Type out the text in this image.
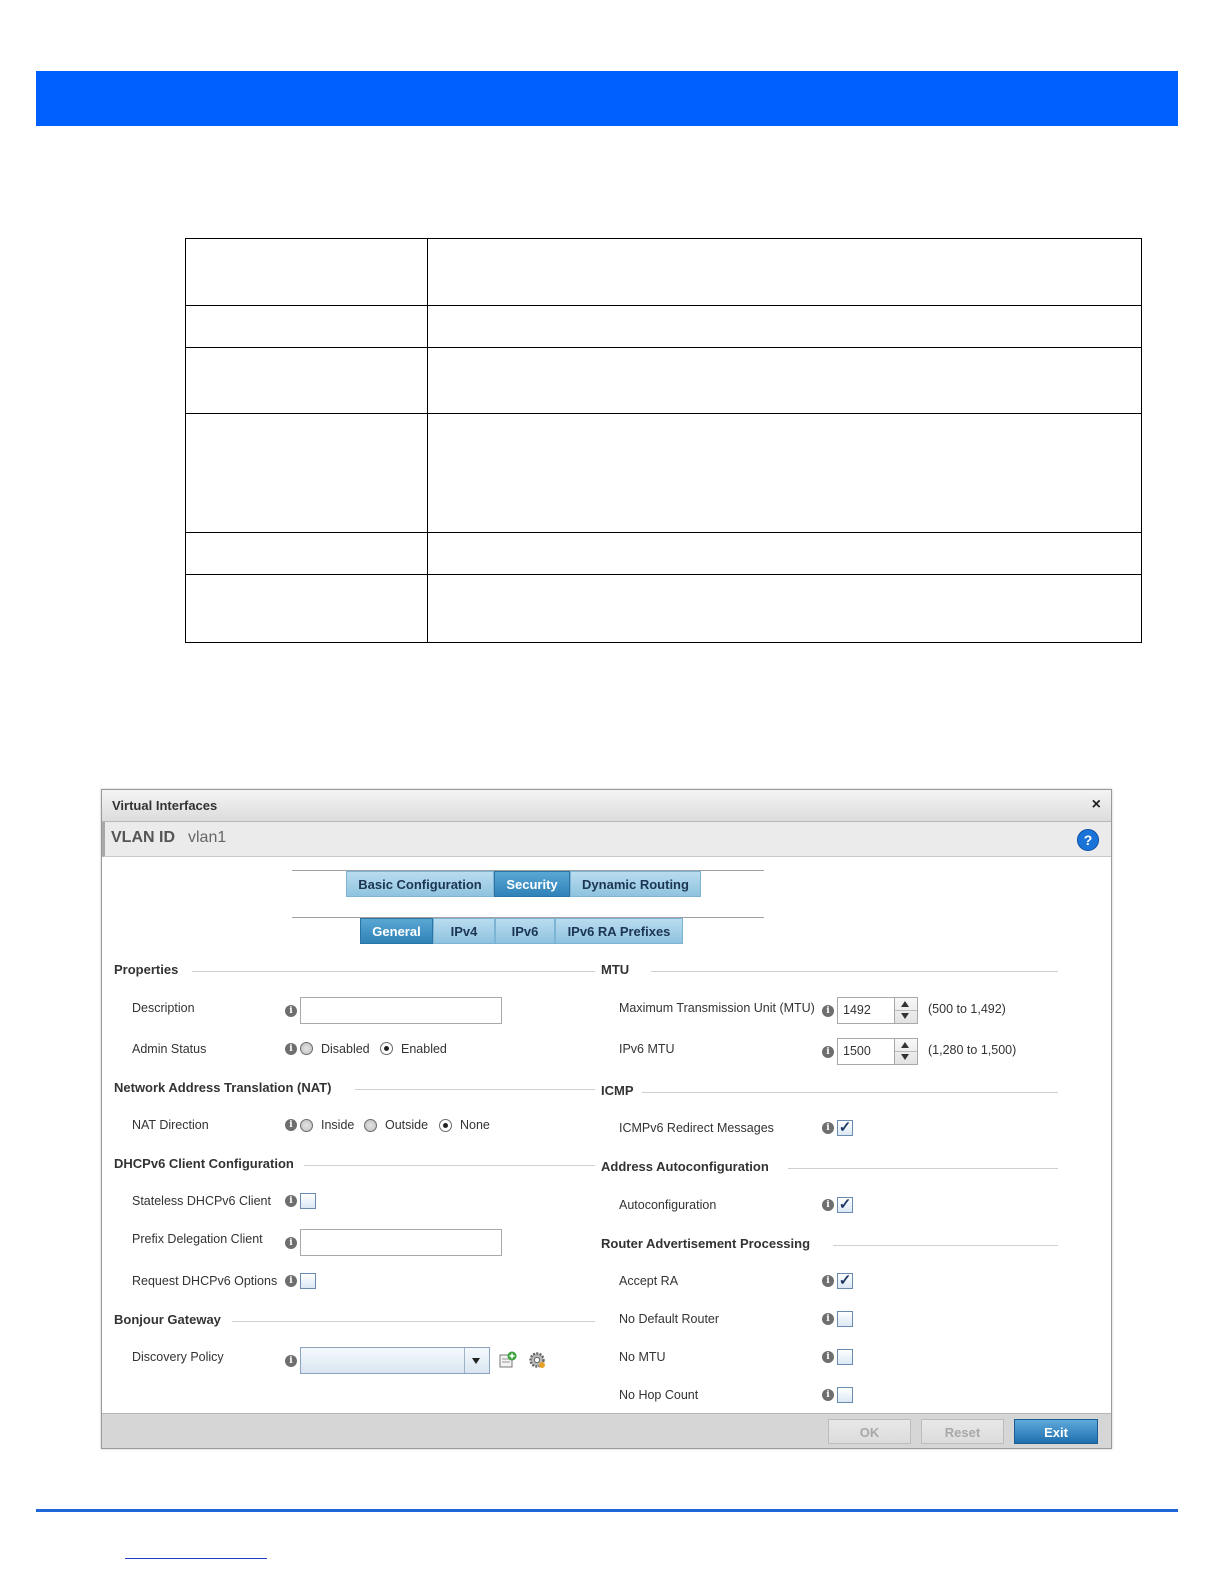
Virtual Interfaces	×
VLAN ID vlan1	?
Basic Configuration	Security	Dynamic Routing
General	IPv4	IPv6	IPv6 RA Prefixes
Properties
Description	i
Admin Status	i	Disabled	Enabled
Network Address Translation (NAT)
NAT Direction	i	Inside Outside	None
DHCPv6 Client Configuration
Stateless DHCPv6 Client	i
Prefix Delegation Client	i
Request DHCPv6 Options	i
Bonjour Gateway
Discovery Policy	i
MTU
Maximum Transmission Unit (MTU)	i	1492	(500 to 1,492)
IPv6 MTU	i	1500	(1,280 to 1,500)
ICMP
ICMPv6 Redirect Messages	i ✓
Address Autoconfiguration
Autoconfiguration	i ✓
Router Advertisement Processing
Accept RA	i ✓
No Default Router	i
No MTU	i
No Hop Count	i
OK	Reset	Exit
